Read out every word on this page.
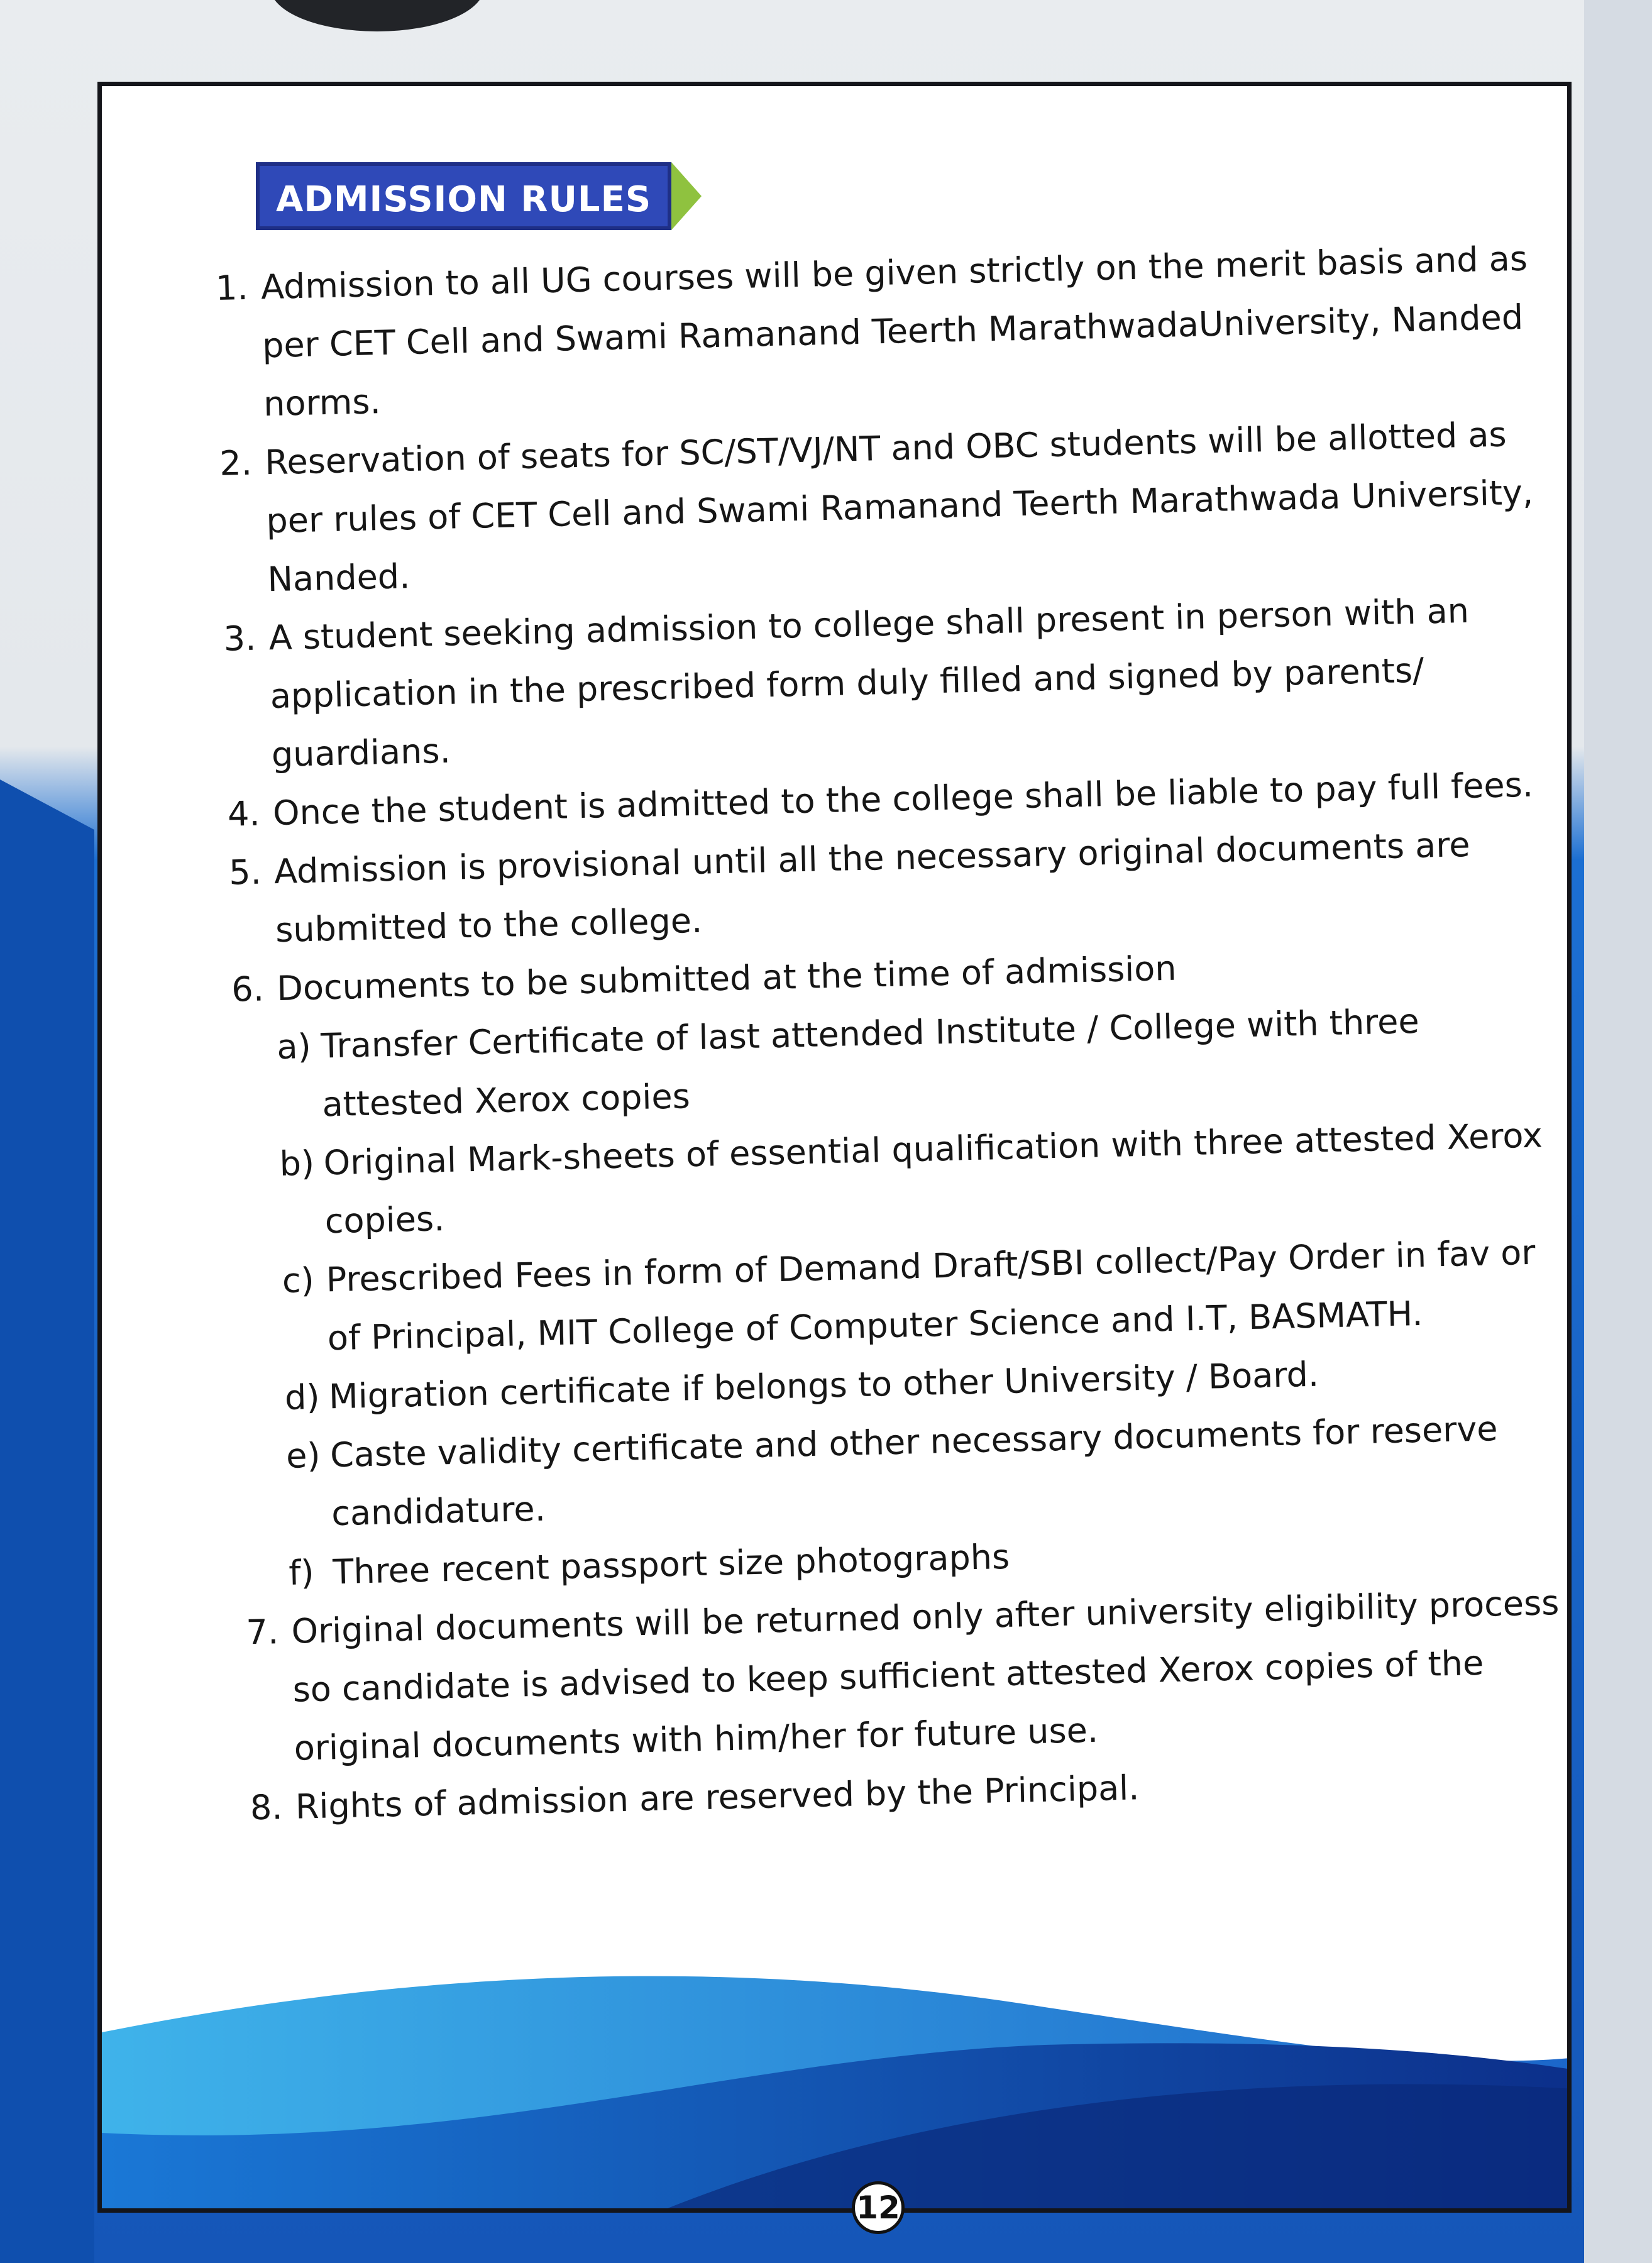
ADMISSION RULES
1. Admission to all UG courses will be given strictly on the merit basis and as per CET Cell and Swami Ramanand Teerth MarathwadaUniversity, Nanded norms.
2. Reservation of seats for SC/ST/VJ/NT and OBC students will be allotted as per rules of CET Cell and Swami Ramanand Teerth Marathwada University, Nanded.
3. A student seeking admission to college shall present in person with an application in the prescribed form duly filled and signed by parents/ guardians.
4. Once the student is admitted to the college shall be liable to pay full fees.
5. Admission is provisional until all the necessary original documents are submitted to the college.
6. Documents to be submitted at the time of admission
a) Transfer Certificate of last attended Institute / College with three attested Xerox copies
b) Original Mark-sheets of essential qualification with three attested Xerox copies.
c) Prescribed Fees in form of Demand Draft/SBI collect/Pay Order in fav or of Principal, MIT College of Computer Science and I.T, BASMATH.
d) Migration certificate if belongs to other University / Board.
e) Caste validity certificate and other necessary documents for reserve candidature.
f) Three recent passport size photographs
7. Original documents will be returned only after university eligibility process so candidate is advised to keep sufficient attested Xerox copies of the original documents with him/her for future use.
8. Rights of admission are reserved by the Principal.
12
